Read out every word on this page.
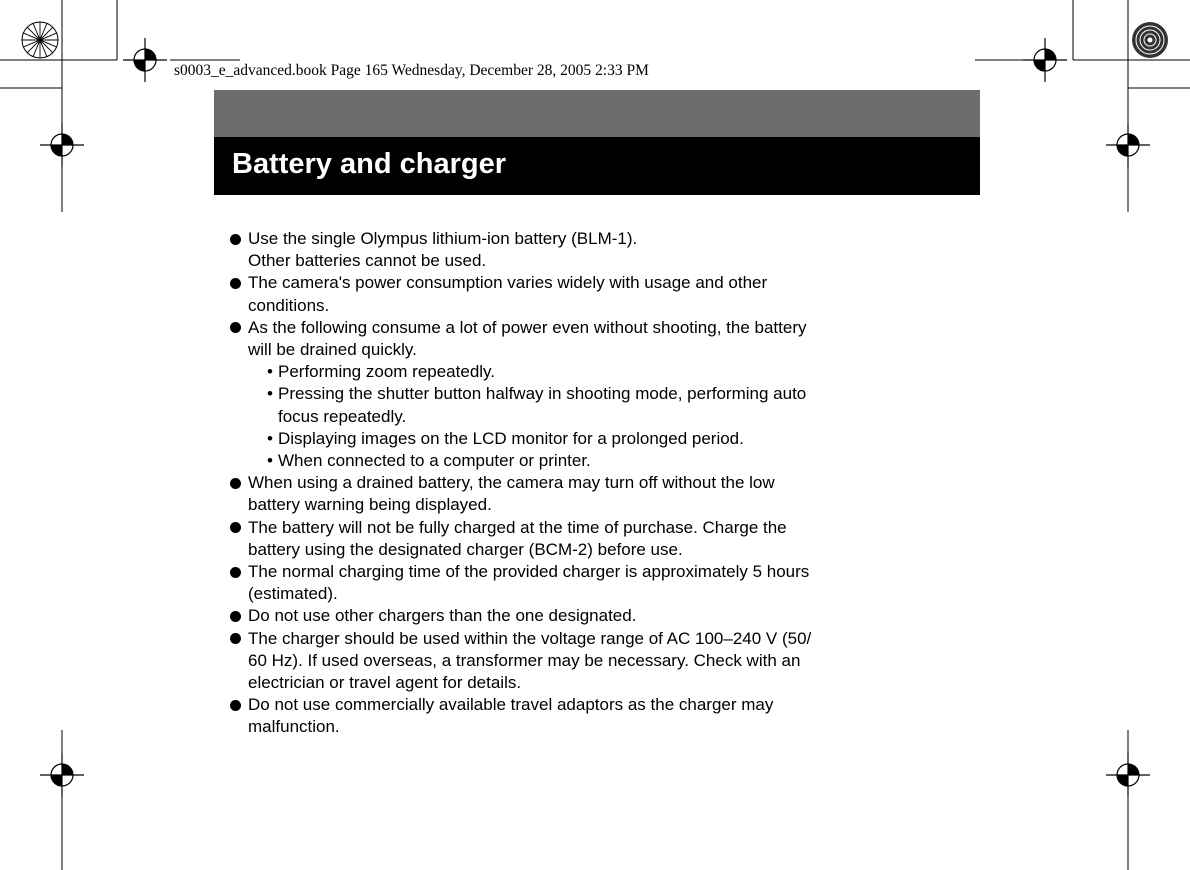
s0003_e_advanced.book Page 165 Wednesday, December 28, 2005 2:33 PM
Battery and charger
Use the single Olympus lithium-ion battery (BLM-1).
Other batteries cannot be used.
The camera's power consumption varies widely with usage and other
conditions.
As the following consume a lot of power even without shooting, the battery
will be drained quickly.
• Performing zoom repeatedly.
• Pressing the shutter button halfway in shooting mode, performing auto
focus repeatedly.
• Displaying images on the LCD monitor for a prolonged period.
• When connected to a computer or printer.
When using a drained battery, the camera may turn off without the low
battery warning being displayed.
The battery will not be fully charged at the time of purchase. Charge the
battery using the designated charger (BCM-2) before use.
The normal charging time of the provided charger is approximately 5 hours
(estimated).
Do not use other chargers than the one designated.
The charger should be used within the voltage range of AC 100–240 V (50/
60 Hz). If used overseas, a transformer may be necessary. Check with an
electrician or travel agent for details.
Do not use commercially available travel adaptors as the charger may
malfunction.
